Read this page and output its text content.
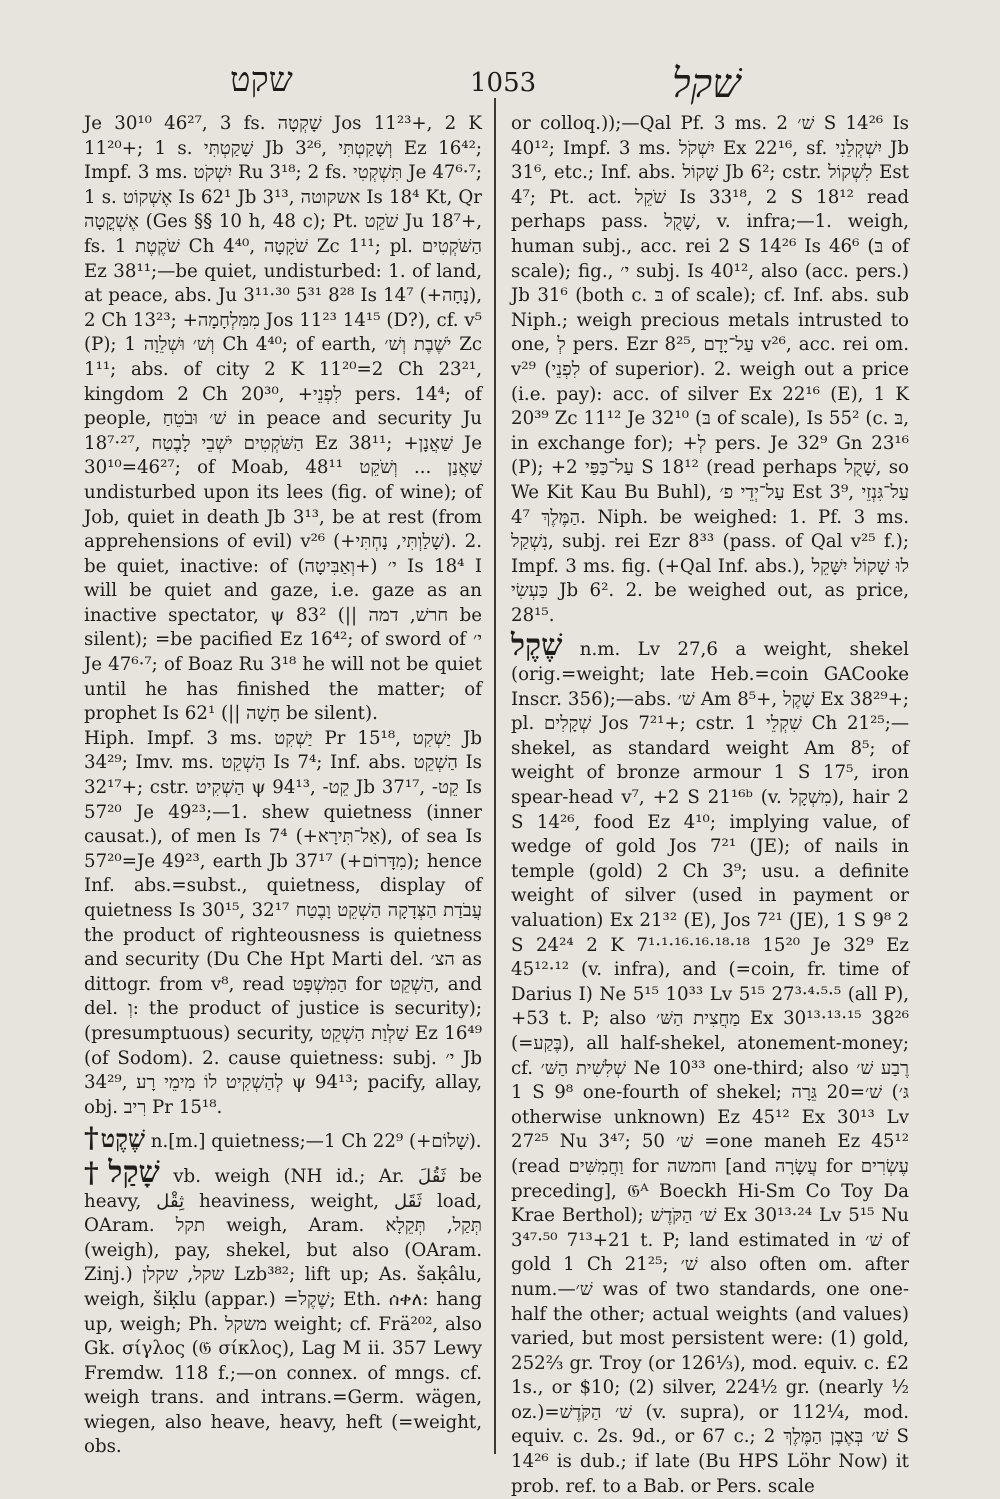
שקט	1053	שׁקל

Je 30¹⁰ 46²⁷, 3 fs. שָׁקְטָה Jos 11²³+, 2 K 11²⁰+; 1 s. שָׁקַטְתִּי Jb 3²⁶, וְשָׁקַטְתִּי Ez 16⁴²; Impf. 3 ms. יִשְׁקֹט Ru 3¹⁸; 2 fs. תִּשְׁקְטִי Je 47⁶·⁷; 1 s. אֶשְׁקוֹט Is 62¹ Jb 3¹³, אשקוטה Is 18⁴ Kt, Qr אֶשְׁקֳטָה (Ges §§ 10 h, 48 c); Pt. שֹׁקֵט Ju 18⁷+, fs. שֹׁקֶטֶת 1 Ch 4⁴⁰, שֹׁקָטָה Zc 1¹¹; pl. הַשֹּׁקְטִים Ez 38¹¹;—be quiet, undisturbed: 1. of land, at peace, abs. Ju 3¹¹·³⁰ 5³¹ 8²⁸ Is 14⁷ (+נָחָה), 2 Ch 13²³; +מִמִּלְחָמָה Jos 11²³ 14¹⁵ (D?), cf. v⁵ (P); וְשׁ׳ וּשְׁלֵוָה 1 Ch 4⁴⁰; of earth, יֹשֶׁבֶת וְשׁ׳ Zc 1¹¹; abs. of city 2 K 11²⁰=2 Ch 23²¹, kingdom 2 Ch 20³⁰, +לִפְנֵי pers. 14⁴; of people, שׁ׳ וּבֹטֵחַ in peace and security Ju 18⁷·²⁷, הַשֹּׁקְטִים יֹשְׁבֵי לָבֶטַח Ez 38¹¹; +שַׁאֲנָן Je 30¹⁰=46²⁷; of Moab, שַׁאֲנַן ... וְשֹׁקֵט 48¹¹ undisturbed upon its lees (fig. of wine); of Job, quiet in death Jb 3¹³, be at rest (from apprehensions of evil) v²⁶ (+שָׁלַוְתִּי, נָחְתִּי). 2. be quiet, inactive: of י׳ (+וְאַבִּיטָה) Is 18⁴ I will be quiet and gaze, i.e. gaze as an inactive spectator, ψ 83² (|| חרשׁ, דמה be silent); =be pacified Ez 16⁴²; of sword of י׳ Je 47⁶·⁷; of Boaz Ru 3¹⁸ he will not be quiet until he has finished the matter; of prophet Is 62¹ (|| חָשָׁה be silent).

Hiph. Impf. 3 ms. יַשְׁקִט Pr 15¹⁸, יַשְׁקִט Jb 34²⁹; Imv. ms. הַשְׁקֵט Is 7⁴; Inf. abs. הַשְׁקֵט Is 32¹⁷+; cstr. הַשְׁקִיט ψ 94¹³, -קֵט Jb 37¹⁷, -קֵט Is 57²⁰ Je 49²³;—1. shew quietness (inner causat.), of men Is 7⁴ (+אַל־תִּירָא), of sea Is 57²⁰=Je 49²³, earth Jb 37¹⁷ (+מִדָּרוֹם); hence Inf. abs.=subst., quietness, display of quietness Is 30¹⁵, עֲבֹדַת הַצְּדָקָה הַשְׁקֵט וָבֶטַח 32¹⁷ the product of righteousness is quietness and security (Du Che Hpt Marti del. הצ׳ as dittogr. from v⁸, read הַמִּשְׁפָּט for הַשְׁקֵט, and del. וְ: the product of justice is security); (presumptuous) security, שַׁלְוַת הַשְׁקֵט Ez 16⁴⁹ (of Sodom). 2. cause quietness: subj. י׳ Jb 34²⁹, לְהַשְׁקִיט לוֹ מִימֵי רָע ψ 94¹³; pacify, allay, obj. רִיב Pr 15¹⁸.

†שֶׁקֶט n.[m.] quietness;—1 Ch 22⁹ (+שָׁלוֹם).

†שָׁקַל vb. weigh (NH id.; Ar. ثَقُلَ be heavy, ثِقْل heaviness, weight, ثَقَل load, OAram. תקל weigh, Aram. תְּקַל, תְּקֵלָא (weigh), pay, shekel, but also (OAram. Zinj.) שקל, שקלן Lzb³⁸²; lift up; As. šaḳâlu, weigh, šiḳlu (appar.) =שֶׁקֶל; Eth. ሰቀለ: hang up, weigh; Ph. משקל weight; cf. Frä²⁰², also Gk. σίγλος (𝔊 σίκλος), Lag M ii. 357 Lewy Fremdw. 118 f.;—on connex. of mngs. cf. weigh trans. and intrans.=Germ. wägen, wiegen, also heave, heavy, heft (=weight, obs.

or colloq.));—Qal Pf. 3 ms. שׁ׳ 2 S 14²⁶ Is 40¹²; Impf. 3 ms. יִשְׁקֹל Ex 22¹⁶, sf. יִשְׁקְלֵנִי Jb 31⁶, etc.; Inf. abs. שָׁקוֹל Jb 6²; cstr. לִשְׁקוֹל Est 4⁷; Pt. act. שֹׁקֵל Is 33¹⁸, 2 S 18¹² read perhaps pass. שָׁקֻל, v. infra;—1. weigh, human subj., acc. rei 2 S 14²⁶ Is 46⁶ (בּ of scale); fig., י׳ subj. Is 40¹², also (acc. pers.) Jb 31⁶ (both c. בּ of scale); cf. Inf. abs. sub Niph.; weigh precious metals intrusted to one, לְ pers. Ezr 8²⁵, עַל־יָדָם v²⁶, acc. rei om. v²⁹ (לִפְנֵי of superior). 2. weigh out a price (i.e. pay): acc. of silver Ex 22¹⁶ (E), 1 K 20³⁹ Zc 11¹² Je 32¹⁰ (בּ of scale), Is 55² (c. בּ, in exchange for); +לְ pers. Je 32⁹ Gn 23¹⁶ (P); +עַל־כַּפַּי 2 S 18¹² (read perhaps שָׁקֻל, so We Kit Kau Bu Buhl), עַל־יְדֵי פ׳ Est 3⁹, עַל־גִּנְזֵי הַמֶּלֶךְ 4⁷. Niph. be weighed: 1. Pf. 3 ms. נִשְׁקַל, subj. rei Ezr 8³³ (pass. of Qal v²⁵ f.); Impf. 3 ms. fig. (+Qal Inf. abs.), לוּ שָׁקוֹל יִשָּׁקֵל כַּעְשִׂי Jb 6². 2. be weighed out, as price, 28¹⁵.

שֶׁקֶל n.m. Lv 27,6 a weight, shekel (orig.=weight; late Heb.=coin GACooke Inscr. 356);—abs. שׁ׳ Am 8⁵+, שָׁקֶל Ex 38²⁹+; pl. שְׁקָלִים Jos 7²¹+; cstr. שִׁקְלֵי 1 Ch 21²⁵;—shekel, as standard weight Am 8⁵; of weight of bronze armour 1 S 17⁵, iron spear-head v⁷, +2 S 21¹⁶ᵇ (v. מִשְׁקָל), hair 2 S 14²⁶, food Ez 4¹⁰; implying value, of wedge of gold Jos 7²¹ (JE); of nails in temple (gold) 2 Ch 3⁹; usu. a definite weight of silver (used in payment or valuation) Ex 21³² (E), Jos 7²¹ (JE), 1 S 9⁸ 2 S 24²⁴ 2 K 7¹·¹·¹⁶·¹⁶·¹⁸·¹⁸ 15²⁰ Je 32⁹ Ez 45¹²·¹² (v. infra), and (=coin, fr. time of Darius I) Ne 5¹⁵ 10³³ Lv 5¹⁵ 27³·⁴·⁵·⁵ (all P), +53 t. P; also מַחֲצִית הַשּׁ׳ Ex 30¹³·¹³·¹⁵ 38²⁶ (=בֶּקַע), all half-shekel, atonement-money; cf. שְׁלִשִׁית הַשּׁ׳ Ne 10³³ one-third; also רֶבַע שׁ׳ 1 S 9⁸ one-fourth of shekel; שׁ׳=20 גֵּרָה (גּ׳ otherwise unknown) Ez 45¹² Ex 30¹³ Lv 27²⁵ Nu 3⁴⁷; 50 שׁ׳ =one maneh Ez 45¹² (read וַחֲמִשִּׁים for וחמשה [and עֲשָׂרָה for עֶשְׂרִים preceding], 𝔊ᴬ Boeckh Hi-Sm Co Toy Da Krae Berthol); שׁ׳ הַקֹּדֶשׁ Ex 30¹³·²⁴ Lv 5¹⁵ Nu 3⁴⁷·⁵⁰ 7¹³+21 t. P; land estimated in שׁ׳ of gold 1 Ch 21²⁵; שׁ׳ also often om. after num.—שׁ׳ was of two standards, one one-half the other; actual weights (and values) varied, but most persistent were: (1) gold, 252⅔ gr. Troy (or 126⅓), mod. equiv. c. £2 1s., or $10; (2) silver, 224½ gr. (nearly ½ oz.)=שׁ׳ הַקֹּדֶשׁ (v. supra), or 112¼, mod. equiv. c. 2s. 9d., or 67 c.; שׁ׳ בְּאֶבֶן הַמֶּלֶךְ 2 S 14²⁶ is dub.; if late (Bu HPS Löhr Now) it prob. ref. to a Bab. or Pers. scale
